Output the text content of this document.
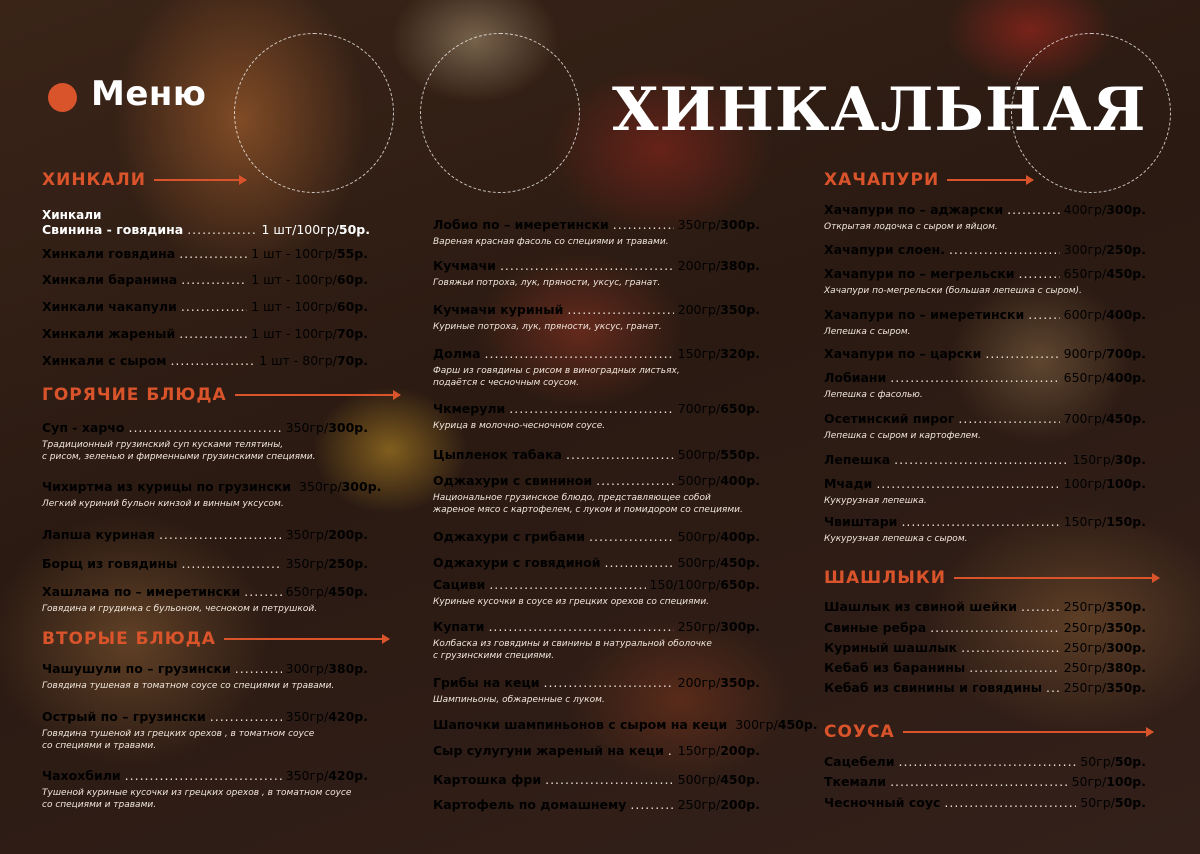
Меню	ХИНКАЛЬНАЯ
ХИНКАЛИ
Хинкали
Свинина - говядина .....	1 шт/100гр/ 50р.
Хинкали говядина .....	1 шт - 100гр/ 55р.
Хинкали баранина .....	1 шт - 100гр/ 60р.
Хинкали чакапули .....	1 шт - 100гр/ 60р.
Хинкали жареный .....	1 шт - 100гр/ 70р.
Хинкали с сыром .....	1 шт - 80гр/ 70р.
ГОРЯЧИЕ БЛЮДА
Суп - харчо .....	350гр/ 300р.
Традиционный грузинский суп кусками телятины,
с рисом, зеленью и фирменными грузинскими специями.
Чихиртма из курицы по грузински 350гр/ 300р.
Легкий куриний бульон кинзой и винным уксусом.
Лапша куриная .....	350гр/ 200р.
Борщ из говядины .....	350гр/ 250р.
Хашлама по – имеретински .....	650гр/ 450р.
Говядина и грудинка с бульоном, чесноком и петрушкой.
ВТОРЫЕ БЛЮДА
Чашушули по – грузински .....	300гр/ 380р.
Говядина тушеная в томатном соусе со специями и травами.
Острый по – грузински .....	350гр/ 420р.
Говядина тушеной из грецких орехов , в томатном соусе
со специями и травами.
Чахохбили .....	350гр/ 420р.
Тушеной куриные кусочки из грецких орехов , в томатном соусе
со специями и травами.
Лобио по – имеретински .....	350гр/ 300р.
Вареная красная фасоль со специями и травами.
Кучмачи .....	200гр/ 380р.
Говяжьи потроха, лук, пряности, уксус, гранат.
Кучмачи куриный .....	200гр/ 350р.
Куриные потроха, лук, пряности, уксус, гранат.
Долма .....	150гр/ 320р.
Фарш из говядины с рисом в виноградных листьях,
подаётся с чесночным соусом.
Чкмерули .....	700гр/ 650р.
Курица в молочно-чесночном соусе.
Цыпленок табака .....	500гр/ 550р.
Оджахури с свининои .....	500гр/ 400р.
Национальное грузинское блюдо, представляющее собой
жареное мясо с картофелем, с луком и помидором со специями.
Оджахури с грибами .....	500гр/ 400р.
Оджахури с говядиной .....	500гр/ 450р.
Сациви .....	150/100гр/ 650р.
Куриные кусочки в соусе из грецких орехов со специями.
Купати .....	250гр/ 300р.
Колбаска из говядины и свинины в натуральной оболочке
с грузинскими специями.
Грибы на кеци .....	200гр/ 350р.
Шампиньоны, обжаренные с луком.
Шапочки шампиньонов с сыром на кеци 300гр/ 450р.
Сыр сулугуни жареный на кеци ..... 150гр/ 200р.
Картошка фри .....	500гр/ 450р.
Картофель по домашнему .....	250гр/ 200р.
ХАЧАПУРИ
Хачапури по – аджарски .....	400гр/ 300р.
Открытая лодочка с сыром и яйцом.
Хачапури слоен. .....	300гр/ 250р.
Хачапури по – мегрельски .....	650гр/ 450р.
Хачапури по-мегрельски (большая лепешка с сыром).
Хачапури по – имеретински .....	600гр/ 400р.
Лепешка с сыром.
Хачапури по – царски .....	900гр/ 700р.
Лобиани .....	650гр/ 400р.
Лепешка с фасолью.
Осетинский пирог .....	700гр/ 450р.
Лепешка с сыром и картофелем.
Лепешка .....	150гр/ 30р.
Мчади .....	100гр/ 100р.
Кукурузная лепешка.
Чвиштари .....	150гр/ 150р.
Кукурузная лепешка с сыром.
ШАШЛЫКИ
Шашлык из свиной шейки .....	250гр/ 350р.
Свиные ребра .....	250гр/ 350р.
Куриный шашлык .....	250гр/ 300р.
Кебаб из баранины .....	250гр/ 380р.
Кебаб из свинины и говядины ..... 250гр/ 350р.
СОУСА
Сацебели .....	50гр/ 50р.
Ткемали .....	50гр/ 100р.
Чесночный соус .....	50гр/ 50р.
